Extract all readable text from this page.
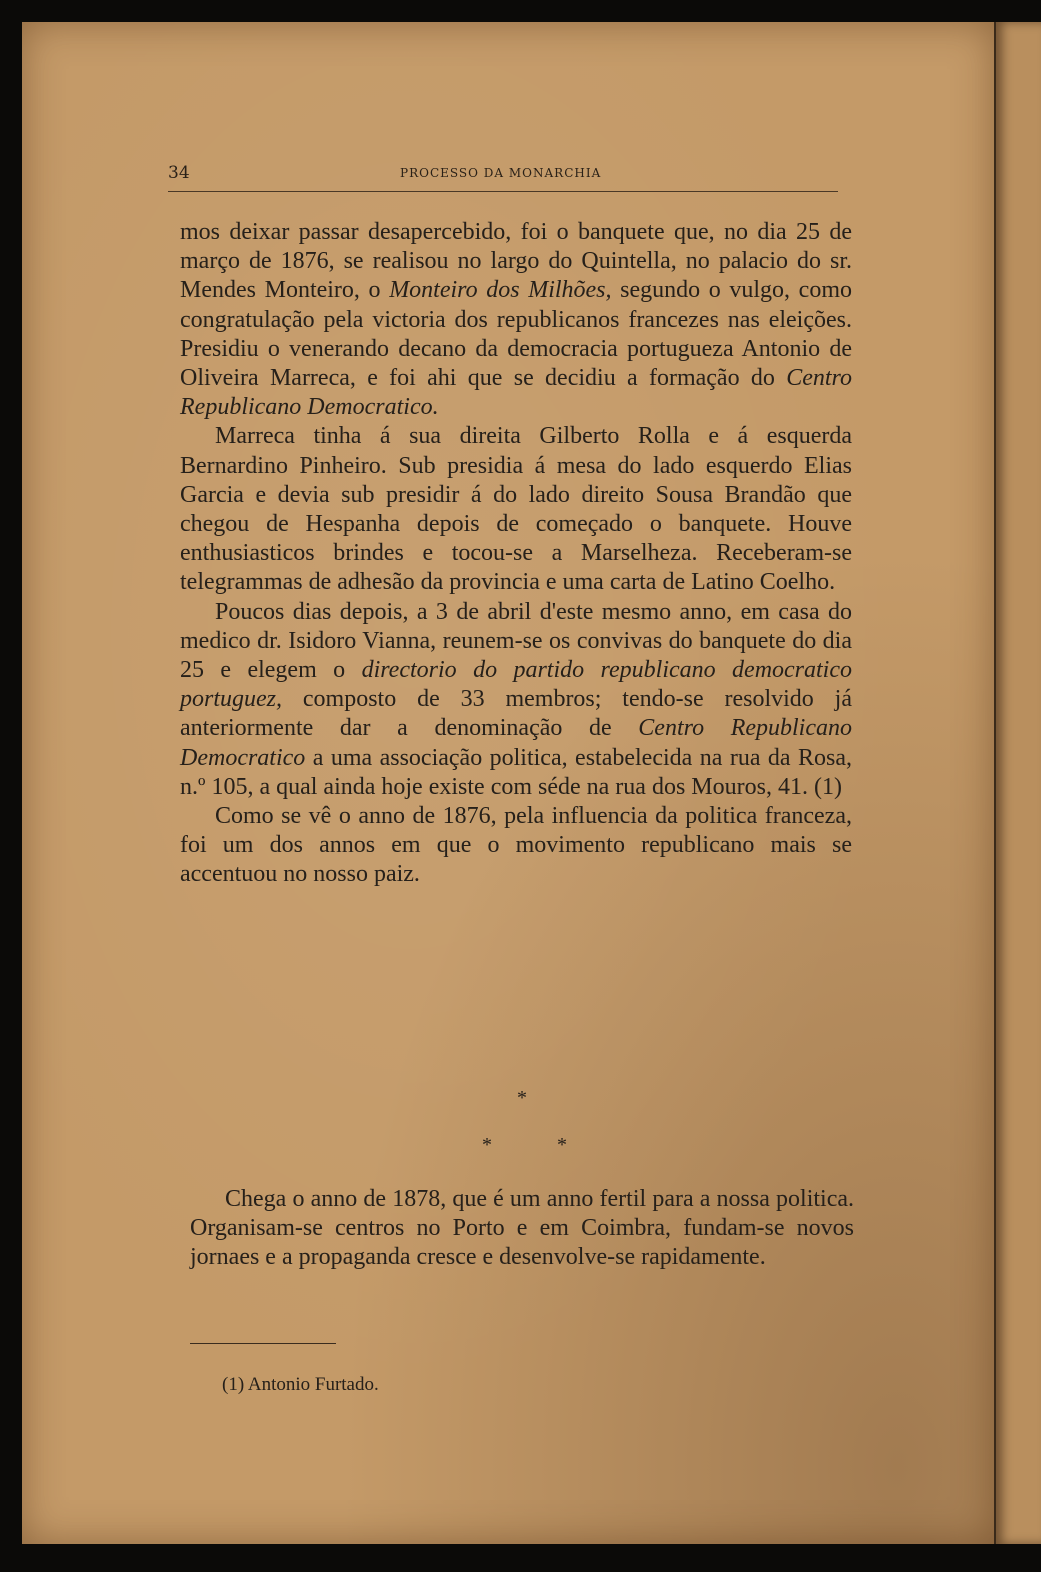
34	PROCESSO DA MONARCHIA

mos deixar passar desapercebido, foi o banquete que, no dia 25 de março de 1876, se realisou no largo do Quintella, no palacio do sr. Mendes Monteiro, o Monteiro dos Milhões, segundo o vulgo, como congratulação pela victoria dos republicanos francezes nas eleições. Presidiu o venerando decano da democracia portugueza Antonio de Oliveira Marreca, e foi ahi que se decidiu a formação do Centro Republicano Democratico.

Marreca tinha á sua direita Gilberto Rolla e á esquerda Bernardino Pinheiro. Sub presidia á mesa do lado esquerdo Elias Garcia e devia sub presidir á do lado direito Sousa Brandão que chegou de Hespanha depois de começado o banquete. Houve enthusiasticos brindes e tocou-se a Marselheza. Receberam-se telegrammas de adhesão da provincia e uma carta de Latino Coelho.

Poucos dias depois, a 3 de abril d'este mesmo anno, em casa do medico dr. Isidoro Vianna, reunem-se os convivas do banquete do dia 25 e elegem o directorio do partido republicano democratico portuguez, composto de 33 membros; tendo-se resolvido já anteriormente dar a denominação de Centro Republicano Democratico a uma associação politica, estabelecida na rua da Rosa, n.º 105, a qual ainda hoje existe com séde na rua dos Mouros, 41. (1)

Como se vê o anno de 1876, pela influencia da politica franceza, foi um dos annos em que o movimento republicano mais se accentuou no nosso paiz.

*
*	*

Chega o anno de 1878, que é um anno fertil para a nossa politica. Organisam-se centros no Porto e em Coimbra, fundam-se novos jornaes e a propaganda cresce e desenvolve-se rapidamente.

(1) Antonio Furtado.
